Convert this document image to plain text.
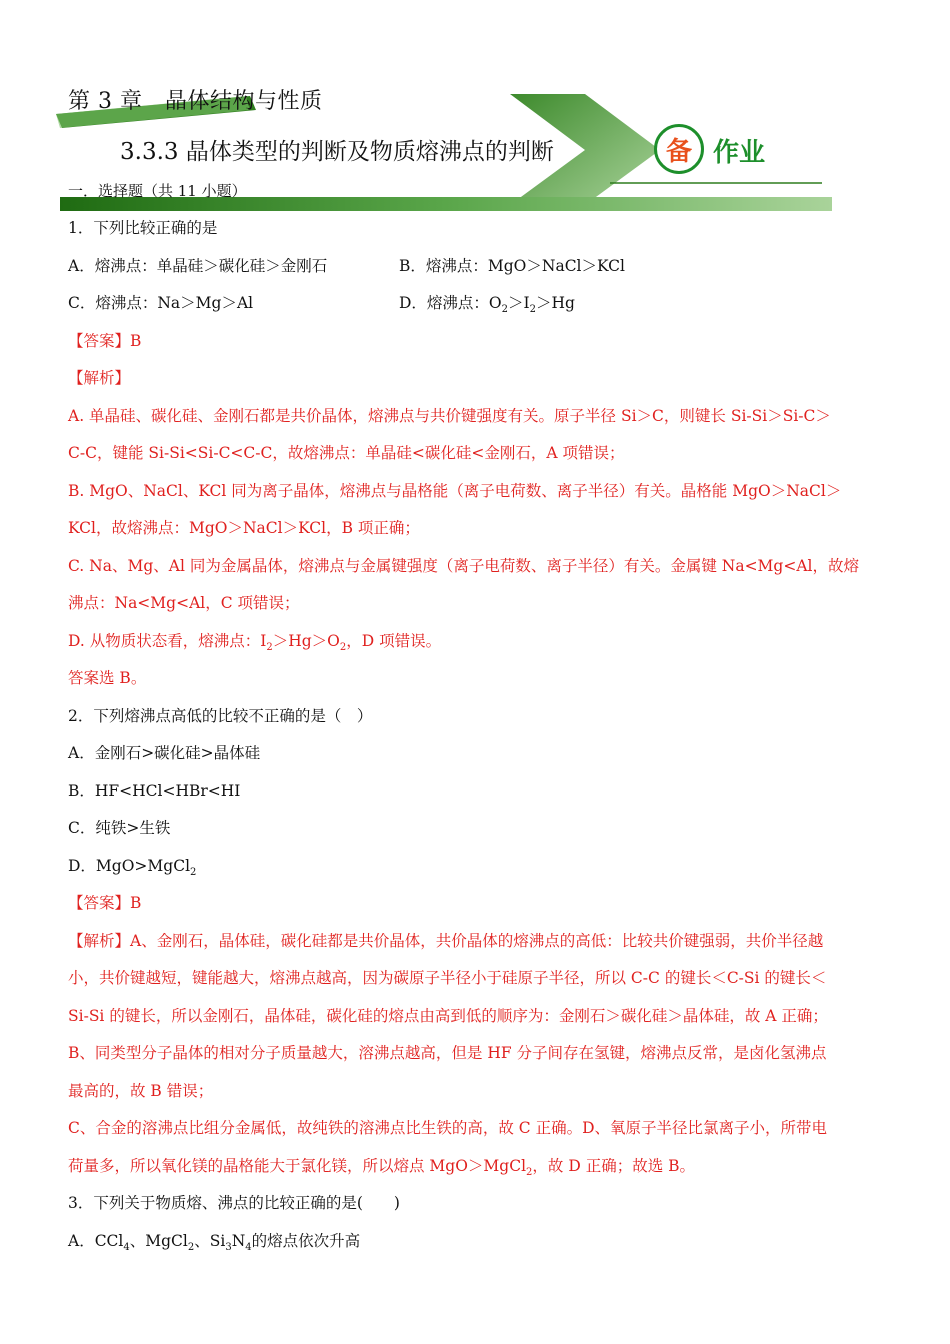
第 3 章　晶体结构与性质
3.3.3 晶体类型的判断及物质熔沸点的判断	备 作业
一．选择题（共 11 小题）
1．下列比较正确的是
A．熔沸点：单晶硅＞碳化硅＞金刚石	B．熔沸点：MgO＞NaCl＞KCl
C．熔沸点：Na＞Mg＞Al	D．熔沸点：$O_2>I_2>Hg$
【答案】B
【解析】
A. 单晶硅、碳化硅、金刚石都是共价晶体，熔沸点与共价键强度有关。原子半径 Si＞C，则键长 Si-Si＞Si-C＞
C-C，键能 Si-Si<Si-C<C-C，故熔沸点：单晶硅<碳化硅<金刚石，A 项错误；
B. MgO、NaCl、KCl 同为离子晶体，熔沸点与晶格能（离子电荷数、离子半径）有关。晶格能 MgO＞NaCl＞
KCl，故熔沸点：MgO＞NaCl＞KCl，B 项正确；
C. Na、Mg、Al 同为金属晶体，熔沸点与金属键强度（离子电荷数、离子半径）有关。金属键 Na<Mg<Al，故熔
沸点：Na<Mg<Al，C 项错误；
D. 从物质状态看，熔沸点：$I_2>Hg>O_2$，D 项错误。
答案选 B。
2．下列熔沸点高低的比较不正确的是（　）
A．金刚石>碳化硅>晶体硅
B．HF<HCl<HBr<HI
C．纯铁>生铁
D．MgO>MgCl$_2$
【答案】B
【解析】A、金刚石，晶体硅，碳化硅都是共价晶体，共价晶体的熔沸点的高低：比较共价键强弱，共价半径越
小，共价键越短，键能越大，熔沸点越高，因为碳原子半径小于硅原子半径，所以 C-C 的键长＜C-Si 的键长＜
Si-Si 的键长，所以金刚石，晶体硅，碳化硅的熔点由高到低的顺序为：金刚石＞碳化硅＞晶体硅，故 A 正确；
B、同类型分子晶体的相对分子质量越大，溶沸点越高，但是 HF 分子间存在氢键，熔沸点反常，是卤化氢沸点
最高的，故 B 错误；
C、合金的溶沸点比组分金属低，故纯铁的溶沸点比生铁的高，故 C 正确。D、氧原子半径比氯离子小，所带电
荷量多，所以氧化镁的晶格能大于氯化镁，所以熔点 MgO＞MgCl$_2$，故 D 正确；故选 B。
3．下列关于物质熔、沸点的比较正确的是(　　)
A．CCl$_4$、MgCl$_2$、$Si_3N_4$的熔点依次升高
